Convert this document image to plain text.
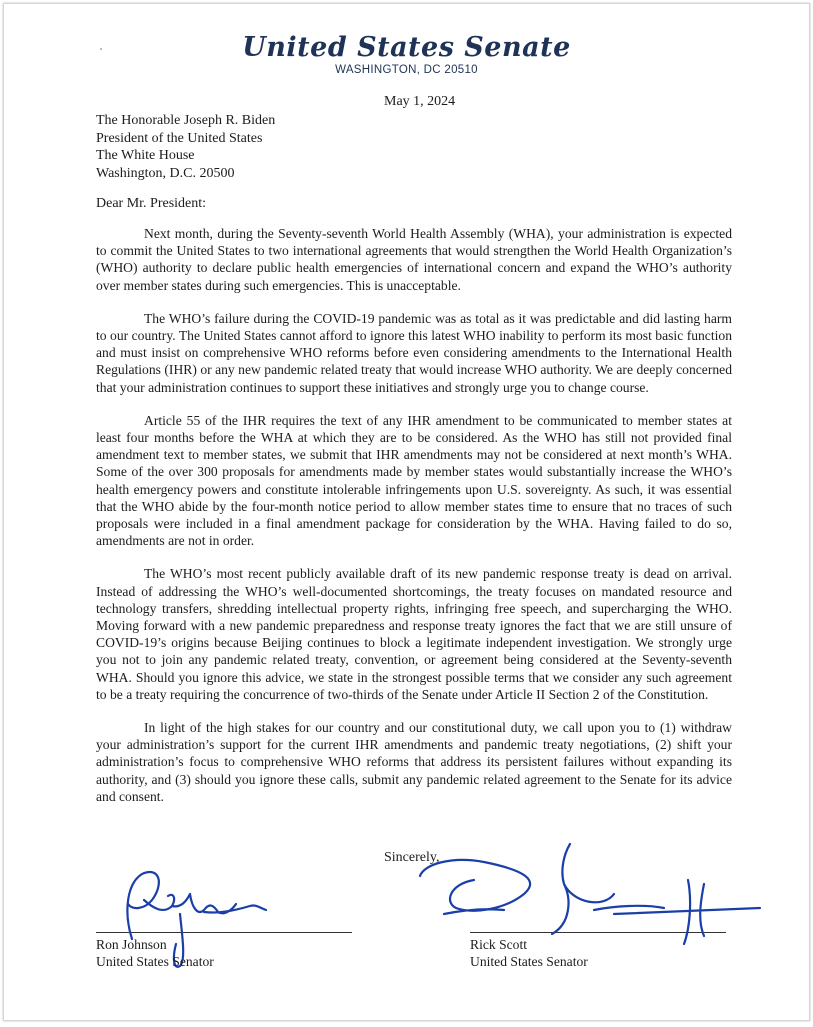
United States Senate
WASHINGTON, DC 20510
May 1, 2024
The Honorable Joseph R. Biden
President of the United States
The White House
Washington, D.C. 20500
Dear Mr. President:

Next month, during the Seventy-seventh World Health Assembly (WHA), your administration is expected to commit the United States to two international agreements that would strengthen the World Health Organization’s (WHO) authority to declare public health emergencies of international concern and expand the WHO’s authority over member states during such emergencies. This is unacceptable.

The WHO’s failure during the COVID-19 pandemic was as total as it was predictable and did lasting harm to our country. The United States cannot afford to ignore this latest WHO inability to perform its most basic function and must insist on comprehensive WHO reforms before even considering amendments to the International Health Regulations (IHR) or any new pandemic related treaty that would increase WHO authority. We are deeply concerned that your administration continues to support these initiatives and strongly urge you to change course.

Article 55 of the IHR requires the text of any IHR amendment to be communicated to member states at least four months before the WHA at which they are to be considered. As the WHO has still not provided final amendment text to member states, we submit that IHR amendments may not be considered at next month’s WHA. Some of the over 300 proposals for amendments made by member states would substantially increase the WHO’s health emergency powers and constitute intolerable infringements upon U.S. sovereignty. As such, it was essential that the WHO abide by the four-month notice period to allow member states time to ensure that no traces of such proposals were included in a final amendment package for consideration by the WHA. Having failed to do so, amendments are not in order.

The WHO’s most recent publicly available draft of its new pandemic response treaty is dead on arrival. Instead of addressing the WHO’s well-documented shortcomings, the treaty focuses on mandated resource and technology transfers, shredding intellectual property rights, infringing free speech, and supercharging the WHO. Moving forward with a new pandemic preparedness and response treaty ignores the fact that we are still unsure of COVID-19’s origins because Beijing continues to block a legitimate independent investigation. We strongly urge you not to join any pandemic related treaty, convention, or agreement being considered at the Seventy-seventh WHA. Should you ignore this advice, we state in the strongest possible terms that we consider any such agreement to be a treaty requiring the concurrence of two-thirds of the Senate under Article II Section 2 of the Constitution.

In light of the high stakes for our country and our constitutional duty, we call upon you to (1) withdraw your administration’s support for the current IHR amendments and pandemic treaty negotiations, (2) shift your administration’s focus to comprehensive WHO reforms that address its persistent failures without expanding its authority, and (3) should you ignore these calls, submit any pandemic related agreement to the Senate for its advice and consent.

Sincerely,
Ron Johnson
United States Senator
Rick Scott
United States Senator
